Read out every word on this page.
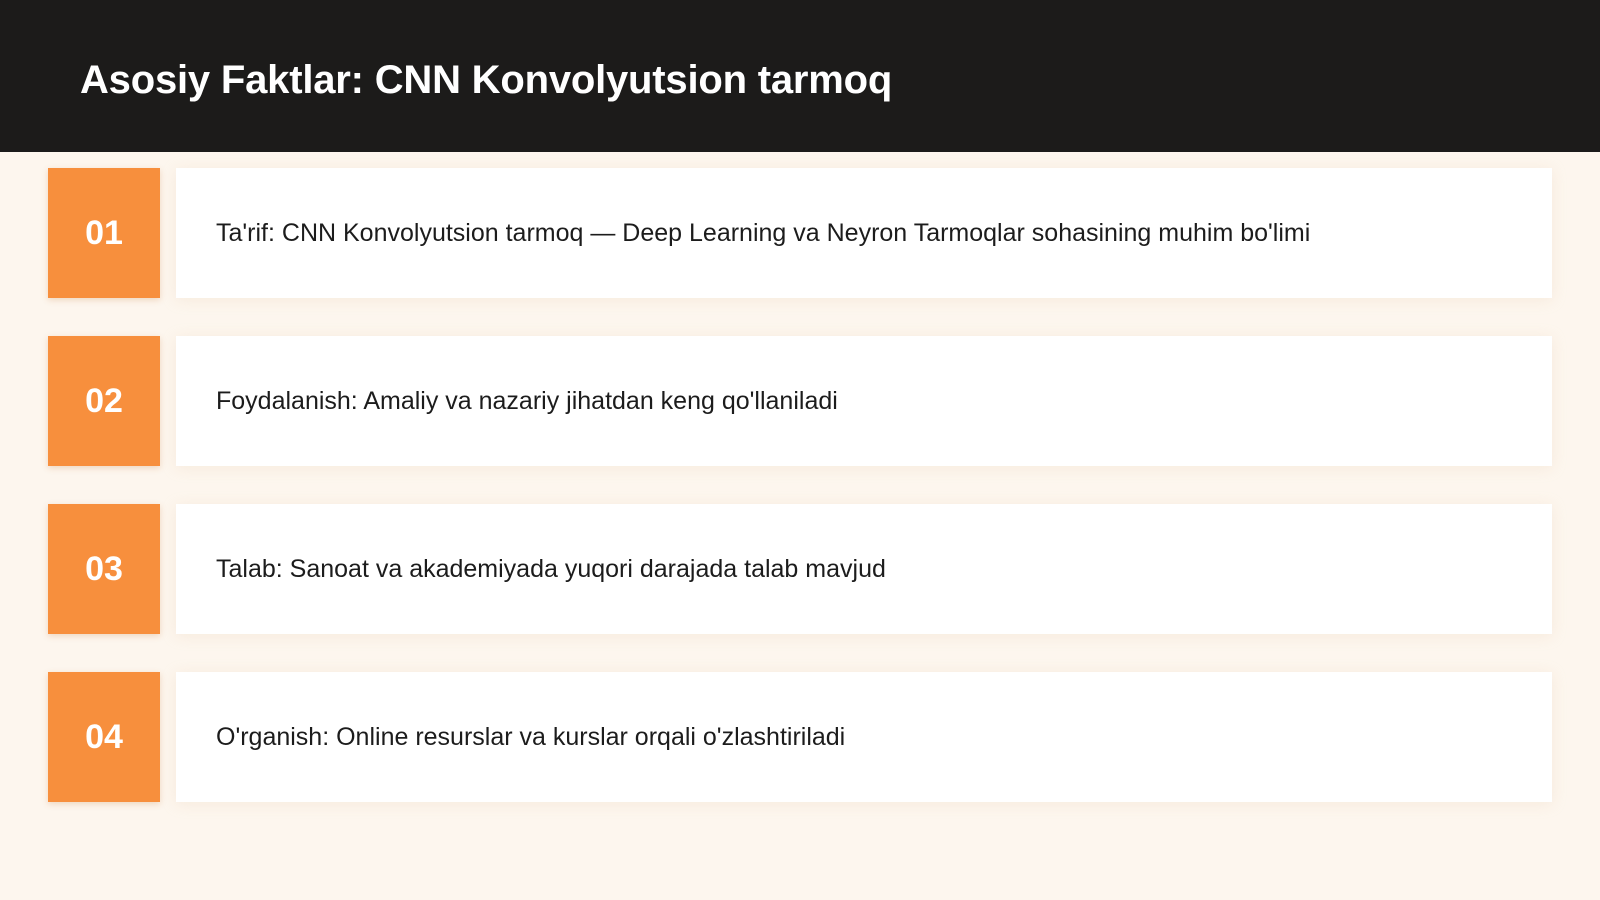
Asosiy Faktlar: CNN Konvolyutsion tarmoq
01	Ta'rif: CNN Konvolyutsion tarmoq — Deep Learning va Neyron Tarmoqlar sohasining muhim bo'limi
02	Foydalanish: Amaliy va nazariy jihatdan keng qo'llaniladi
03	Talab: Sanoat va akademiyada yuqori darajada talab mavjud
04	O'rganish: Online resurslar va kurslar orqali o'zlashtiriladi
